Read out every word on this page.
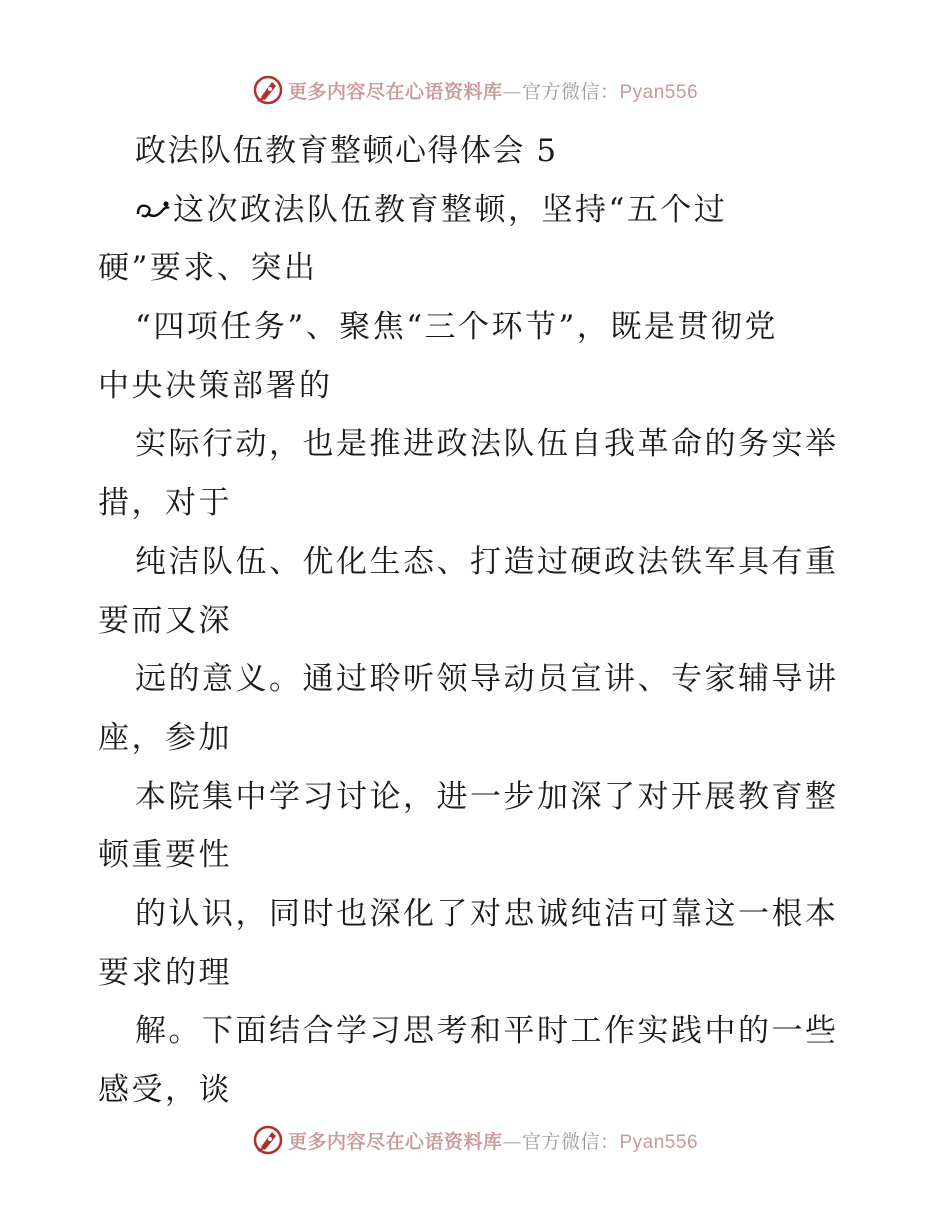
更多内容尽在心语资料库—官方微信：Pyan556
政法队伍教育整顿心得体会 5
这次政法队伍教育整顿，坚持“五个过
硬”要求、突出
“四项任务”、聚焦“三个环节”，既是贯彻党
中央决策部署的
实际行动，也是推进政法队伍自我革命的务实举
措，对于
纯洁队伍、优化生态、打造过硬政法铁军具有重
要而又深
远的意义。通过聆听领导动员宣讲、专家辅导讲
座，参加
本院集中学习讨论，进一步加深了对开展教育整
顿重要性
的认识，同时也深化了对忠诚纯洁可靠这一根本
要求的理
解。下面结合学习思考和平时工作实践中的一些
感受，谈
更多内容尽在心语资料库—官方微信：Pyan556
